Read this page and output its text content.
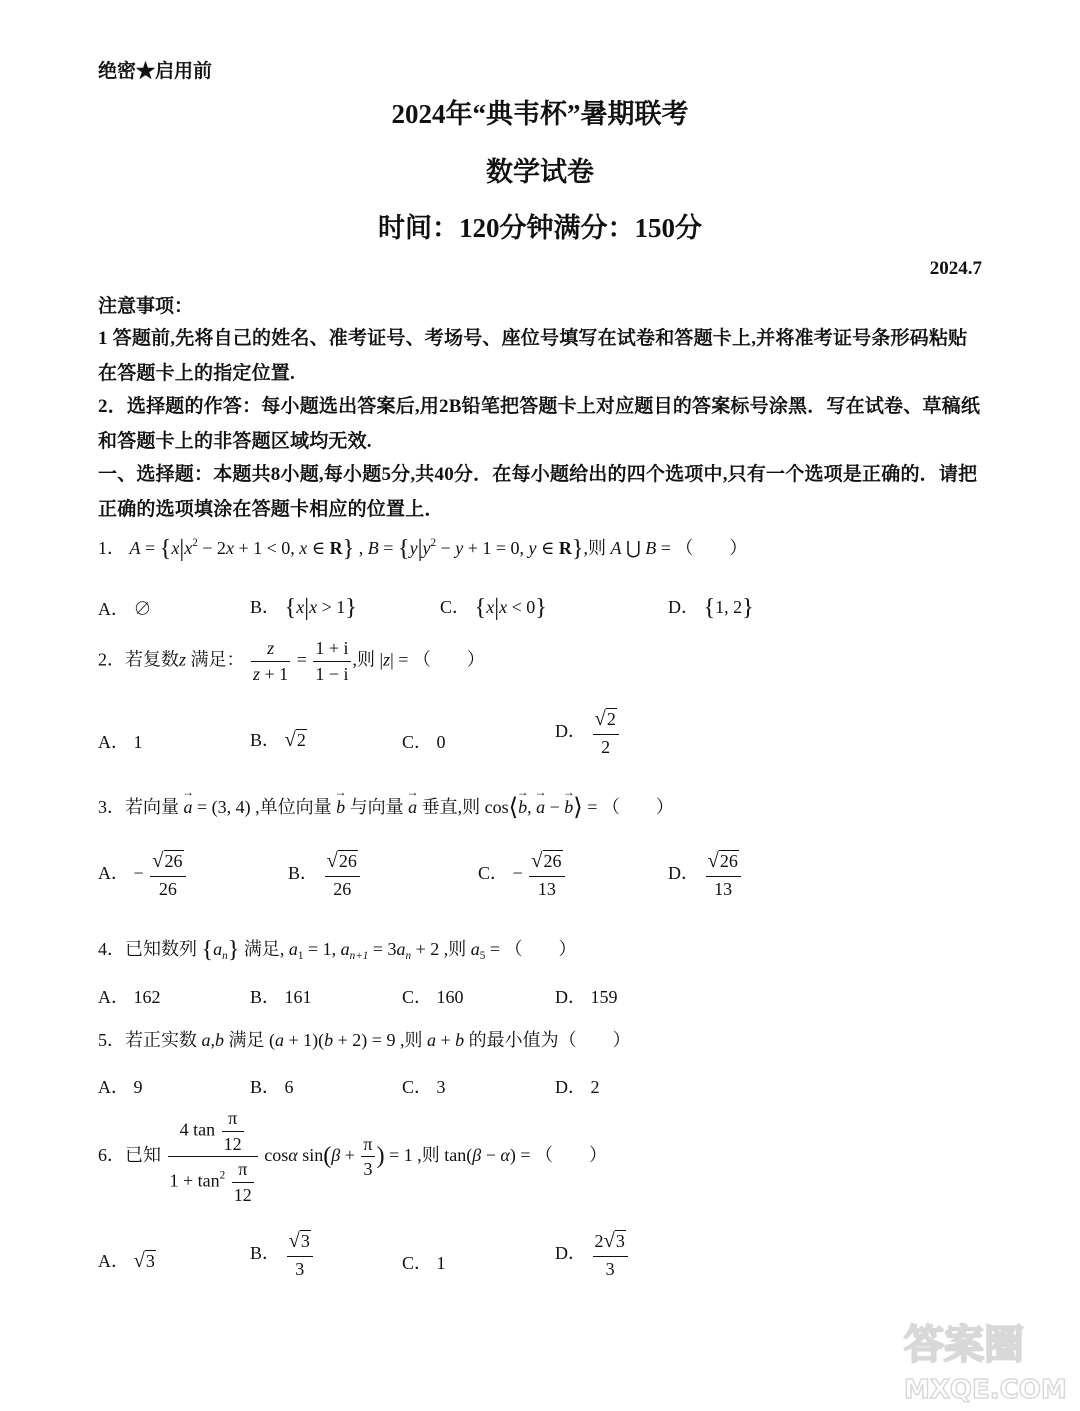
绝密★启用前
2024年“典韦杯”暑期联考
数学试卷
时间：120分钟满分：150分
2024.7
注意事项：
1 答题前,先将自己的姓名、准考证号、考场号、座位号填写在试卷和答题卡上,并将准考证号条形码粘贴在答题卡上的指定位置.
2．选择题的作答：每小题选出答案后,用2B铅笔把答题卡上对应题目的答案标号涂黑．写在试卷、草稿纸和答题卡上的非答题区域均无效.
一、选择题：本题共8小题,每小题5分,共40分．在每小题给出的四个选项中,只有一个选项是正确的．请把正确的选项填涂在答题卡相应的位置上．
1． $A = \{x|x^2 - 2x + 1 < 0$, x ∈ R} , $B = \{y|y^2 - y + 1 = 0$, y ∈ R},则 A ⋃ B = （　　）
A． ∅	B． {x|x > 1}	C． {x|x < 0}	D． {1, 2}
2．若复数z 满足： $\frac{z}{z + 1} = \frac{1 + i}{1 - i}$ ,则 |z| = （　　）
A． 1	B． √2	C． 0
D． $\frac{√2}{2}$
3．若向量 → a = (3, 4) ,单位向量 → b 与向量 → a 垂直,则 cos⟨→ b, → a − → b⟩ = （　　）
A． − $\frac{√26}{26}$	B． $\frac{√26}{26}$	C． − $\frac{√26}{13}$	D． $\frac{√26}{13}$
4．已知数列 $\{a_n\}$ 满足, $a_1 = 1$, $a_{n+1} = 3a_n + 2$ ,则 $a_5$ = （　　）
A． 162	B． 161	C． 160	D． 159
5．若正实数 a,b 满足 (a + 1)(b + 2) = 9 ,则 a + b 的最小值为（　　）
A． 9	B． 6	C． 3	D． 2
6．已知 $\frac{4 \tan \frac{\pi}{12}}{1 + \tan^2 \frac{\pi}{12}}$ cosα $\sin(\beta + \frac{\pi}{3}$ ) = 1 ,则 tan(β − α) = （　　）
A． √3	B． $\frac{√3}{3}$	C． 1
D． $\frac{2√3}{3}$
答案圈
MXQE.COM
